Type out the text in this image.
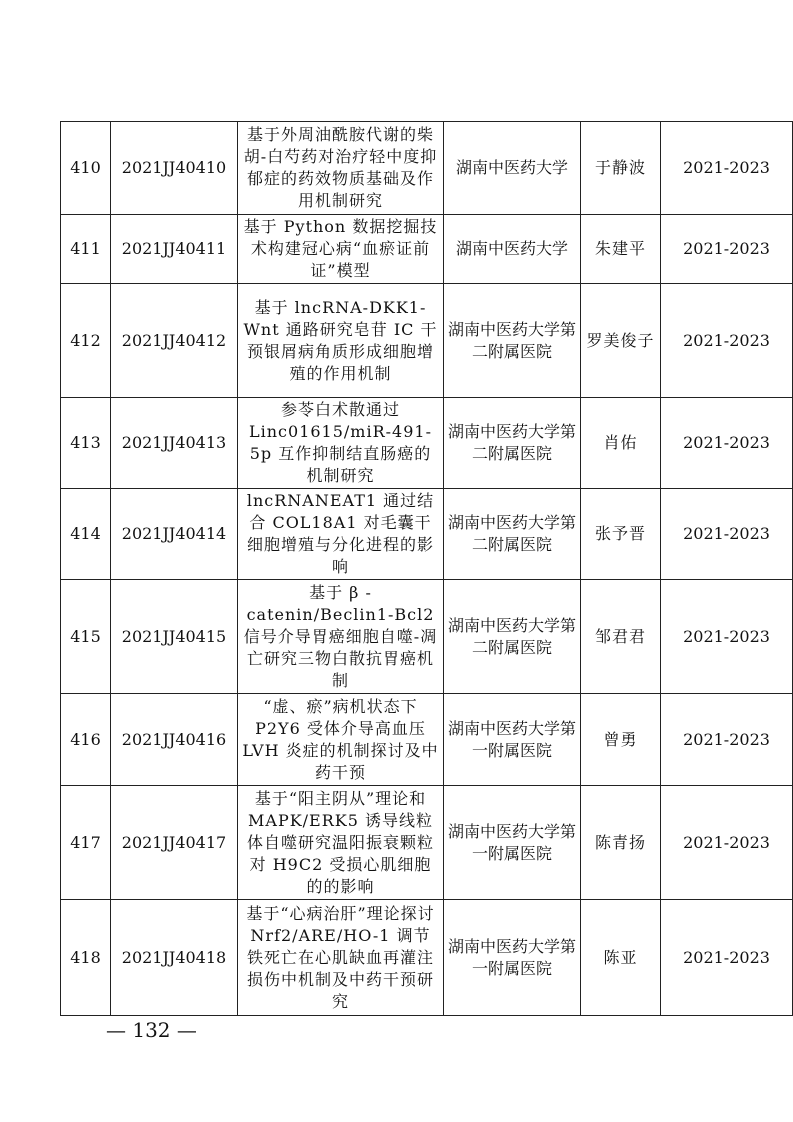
410	2021JJ40410	基于外周油酰胺代谢的柴胡-白芍药对治疗轻中度抑郁症的药效物质基础及作用机制研究	湖南中医药大学	于静波	2021-2023
411	2021JJ40411	基于 Python 数据挖掘技术构建冠心病“血瘀证前证”模型	湖南中医药大学	朱建平	2021-2023
412	2021JJ40412	基于 lncRNA-DKK1-Wnt 通路研究皂苷 IC 干预银屑病角质形成细胞增殖的作用机制	湖南中医药大学第二附属医院	罗美俊子	2021-2023
413	2021JJ40413	参苓白术散通过 Linc01615/miR-491-5p 互作抑制结直肠癌的机制研究	湖南中医药大学第二附属医院	肖佑	2021-2023
414	2021JJ40414	lncRNANEAT1 通过结合 COL18A1 对毛囊干细胞增殖与分化进程的影响	湖南中医药大学第二附属医院	张予晋	2021-2023
415	2021JJ40415	基于 β -catenin/Beclin1-Bcl2 信号介导胃癌细胞自噬-凋亡研究三物白散抗胃癌机制	湖南中医药大学第二附属医院	邹君君	2021-2023
416	2021JJ40416	“虚、瘀”病机状态下 P2Y6 受体介导高血压 LVH 炎症的机制探讨及中药干预	湖南中医药大学第一附属医院	曾勇	2021-2023
417	2021JJ40417	基于“阳主阴从”理论和 MAPK/ERK5 诱导线粒体自噬研究温阳振衰颗粒对 H9C2 受损心肌细胞的的影响	湖南中医药大学第一附属医院	陈青扬	2021-2023
418	2021JJ40418	基于“心病治肝”理论探讨 Nrf2/ARE/HO-1 调节铁死亡在心肌缺血再灌注损伤中机制及中药干预研究	湖南中医药大学第一附属医院	陈亚	2021-2023
— 132 —
